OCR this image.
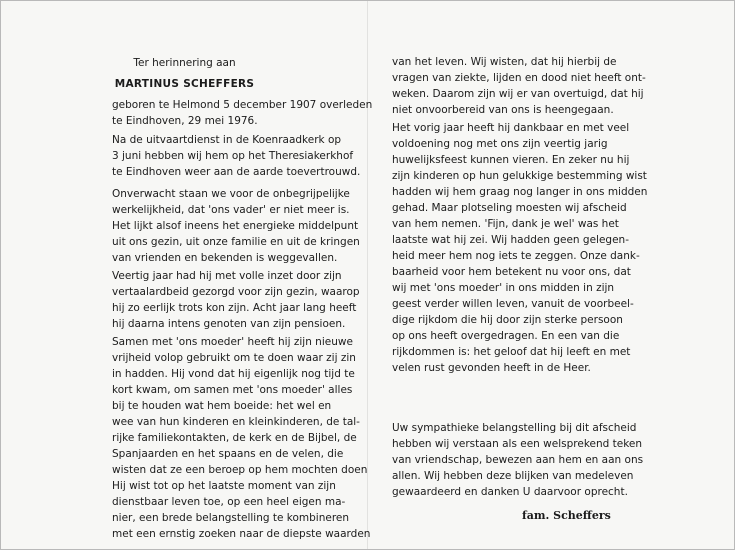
Ter herinnering aan
MARTINUS SCHEFFERS
geboren te Helmond 5 december 1907 overleden
te Eindhoven, 29 mei 1976.
Na de uitvaartdienst in de Koenraadkerk op
3 juni hebben wij hem op het Theresiakerkhof
te Eindhoven weer aan de aarde toevertrouwd.
Onverwacht staan we voor de onbegrijpelijke
werkelijkheid, dat 'ons vader' er niet meer is.
Het lijkt alsof ineens het energieke middelpunt
uit ons gezin, uit onze familie en uit de kringen
van vrienden en bekenden is weggevallen.
Veertig jaar had hij met volle inzet door zijn
vertaalardbeid gezorgd voor zijn gezin, waarop
hij zo eerlijk trots kon zijn. Acht jaar lang heeft
hij daarna intens genoten van zijn pensioen.
Samen met 'ons moeder' heeft hij zijn nieuwe
vrijheid volop gebruikt om te doen waar zij zin
in hadden. Hij vond dat hij eigenlijk nog tijd te
kort kwam, om samen met 'ons moeder' alles
bij te houden wat hem boeide: het wel en
wee van hun kinderen en kleinkinderen, de tal-
rijke familiekontakten, de kerk en de Bijbel, de
Spanjaarden en het spaans en de velen, die
wisten dat ze een beroep op hem mochten doen
Hij wist tot op het laatste moment van zijn
dienstbaar leven toe, op een heel eigen ma-
nier, een brede belangstelling te kombineren
met een ernstig zoeken naar de diepste waarden
van het leven. Wij wisten, dat hij hierbij de
vragen van ziekte, lijden en dood niet heeft ont-
weken. Daarom zijn wij er van overtuigd, dat hij
niet onvoorbereid van ons is heengegaan.
Het vorig jaar heeft hij dankbaar en met veel
voldoening nog met ons zijn veertig jarig
huwelijksfeest kunnen vieren. En zeker nu hij
zijn kinderen op hun gelukkige bestemming wist
hadden wij hem graag nog langer in ons midden
gehad. Maar plotseling moesten wij afscheid
van hem nemen. 'Fijn, dank je wel' was het
laatste wat hij zei. Wij hadden geen gelegen-
heid meer hem nog iets te zeggen. Onze dank-
baarheid voor hem betekent nu voor ons, dat
wij met 'ons moeder' in ons midden in zijn
geest verder willen leven, vanuit de voorbeel-
dige rijkdom die hij door zijn sterke persoon
op ons heeft overgedragen. En een van die
rijkdommen is: het geloof dat hij leeft en met
velen rust gevonden heeft in de Heer.
Uw sympathieke belangstelling bij dit afscheid
hebben wij verstaan als een welsprekend teken
van vriendschap, bewezen aan hem en aan ons
allen. Wij hebben deze blijken van medeleven
gewaardeerd en danken U daarvoor oprecht.
fam. Scheffers
